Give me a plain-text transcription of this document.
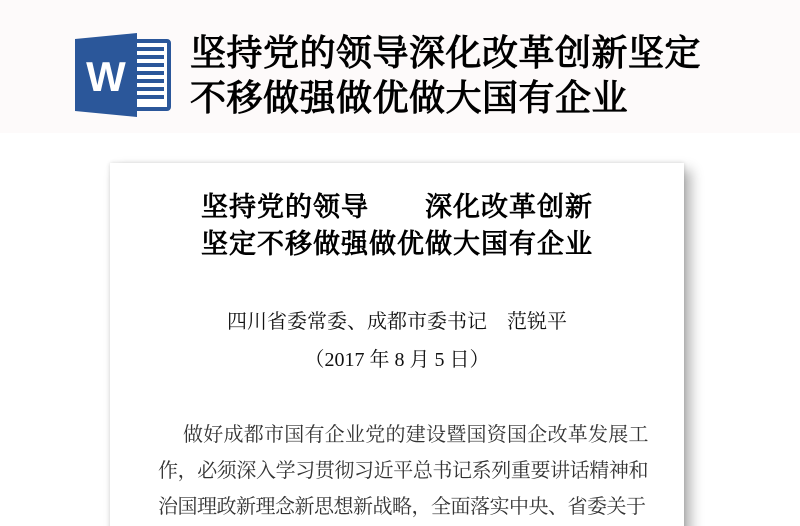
W
坚持党的领导深化改革创新坚定
不移做强做优做大国有企业
坚持党的领导　　深化改革创新
坚定不移做强做优做大国有企业

四川省委常委、成都市委书记　范锐平

（2017 年 8 月 5 日）

做好成都市国有企业党的建设暨国资国企改革发展工作，必须深入学习贯彻习近平总书记系列重要讲话精神和治国理政新理念新思想新战略，全面落实中央、省委关于
